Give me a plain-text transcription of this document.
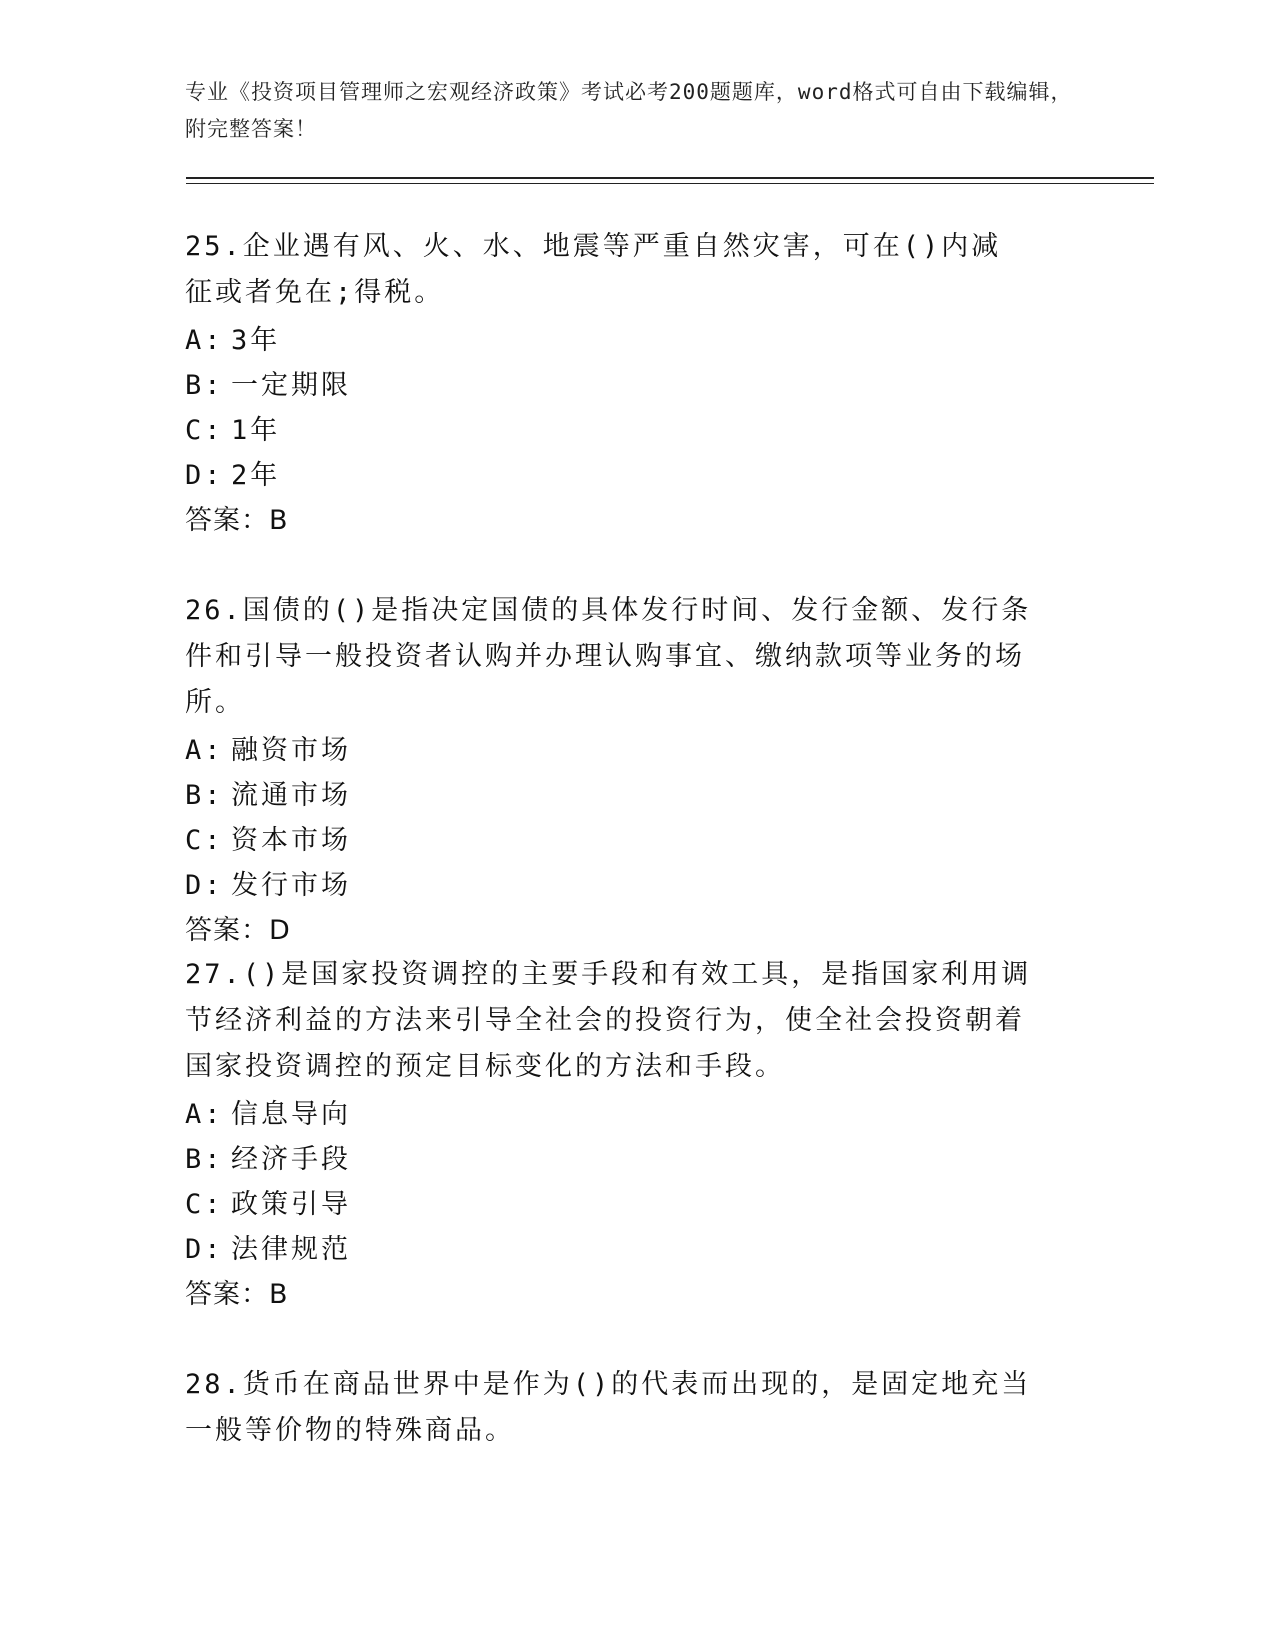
专业《投资项目管理师之宏观经济政策》考试必考200题题库，word格式可自由下载编辑，附完整答案！
25.企业遇有风、火、水、地震等严重自然灾害，可在()内减征或者免在;得税。
A: 3年
B: 一定期限
C: 1年
D: 2年
答案：B
26.国债的()是指决定国债的具体发行时间、发行金额、发行条件和引导一般投资者认购并办理认购事宜、缴纳款项等业务的场所。
A: 融资市场
B: 流通市场
C: 资本市场
D: 发行市场
答案：D
27.()是国家投资调控的主要手段和有效工具，是指国家利用调节经济利益的方法来引导全社会的投资行为，使全社会投资朝着国家投资调控的预定目标变化的方法和手段。
A: 信息导向
B: 经济手段
C: 政策引导
D: 法律规范
答案：B
28.货币在商品世界中是作为()的代表而出现的，是固定地充当一般等价物的特殊商品。
